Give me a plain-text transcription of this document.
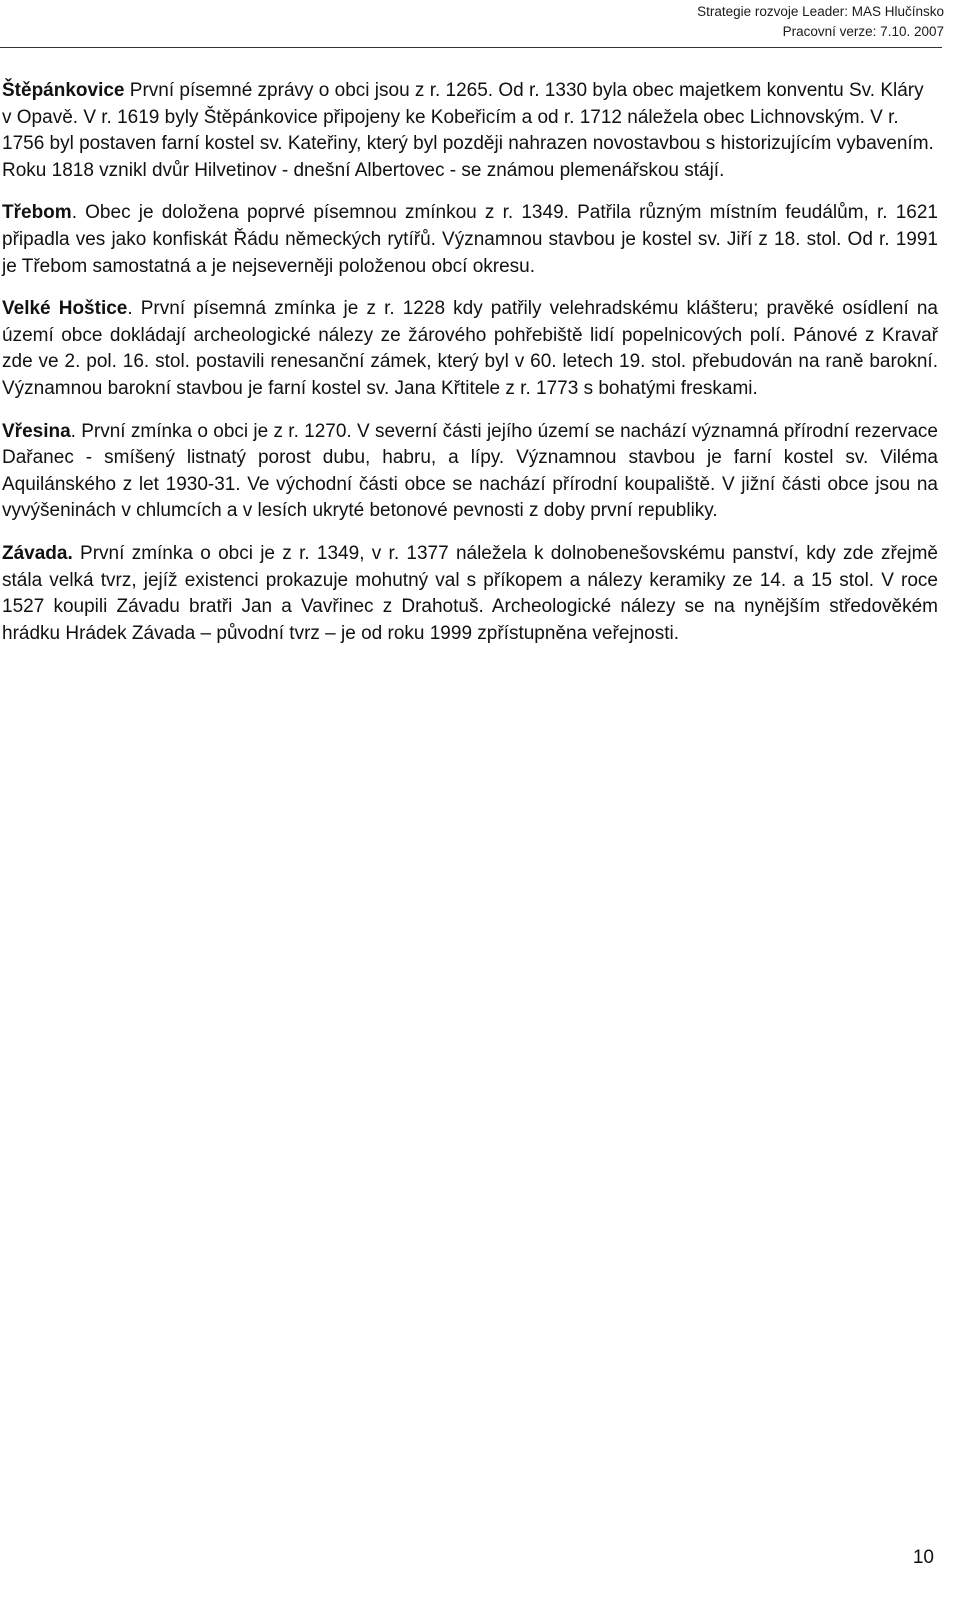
Strategie rozvoje Leader: MAS Hlučínsko
Pracovní verze: 7.10. 2007

Štěpánkovice První písemné zprávy o obci jsou z r. 1265. Od r. 1330 byla obec majetkem konventu Sv. Kláry v Opavě. V r. 1619 byly Štěpánkovice připojeny ke Kobeřicím a od r. 1712 náležela obec Lichnovským. V r. 1756 byl postaven farní kostel sv. Kateřiny, který byl později nahrazen novostavbou s historizujícím vybavením. Roku 1818 vznikl dvůr Hilvetinov - dnešní Albertovec - se známou plemenářskou stájí.

Třebom. Obec je doložena poprvé písemnou zmínkou z r. 1349. Patřila různým místním feudálům, r. 1621 připadla ves jako konfiskát Řádu německých rytířů. Významnou stavbou je kostel sv. Jiří z 18. stol. Od r. 1991 je Třebom samostatná a je nejseverněji položenou obcí okresu.

Velké Hoštice. První písemná zmínka je z r. 1228 kdy patřily velehradskému klášteru; pravěké osídlení na území obce dokládají archeologické nálezy ze žárového pohřebiště lidí popelnicových polí. Pánové z Kravař zde ve 2. pol. 16. stol. postavili renesanční zámek, který byl v 60. letech 19. stol. přebudován na raně barokní. Významnou barokní stavbou je farní kostel sv. Jana Křtitele z r. 1773 s bohatými freskami.

Vřesina. První zmínka o obci je z r. 1270. V severní části jejího území se nachází významná přírodní rezervace Dařanec - smíšený listnatý porost dubu, habru, a lípy. Významnou stavbou je farní kostel sv. Viléma Aquilánského z let 1930-31. Ve východní části obce se nachází přírodní koupaliště. V jižní části obce jsou na vyvýšeninách v chlumcích a v lesích ukryté betonové pevnosti z doby první republiky.

Závada. První zmínka o obci je z r. 1349, v r. 1377 náležela k dolnobenešovskému panství, kdy zde zřejmě stála velká tvrz, jejíž existenci prokazuje mohutný val s příkopem a nálezy keramiky ze 14. a 15 stol. V roce 1527 koupili Závadu bratři Jan a Vavřinec z Drahotuš. Archeologické nálezy se na nynějším středověkém hrádku Hrádek Závada – původní tvrz – je od roku 1999 zpřístupněna veřejnosti.

10
